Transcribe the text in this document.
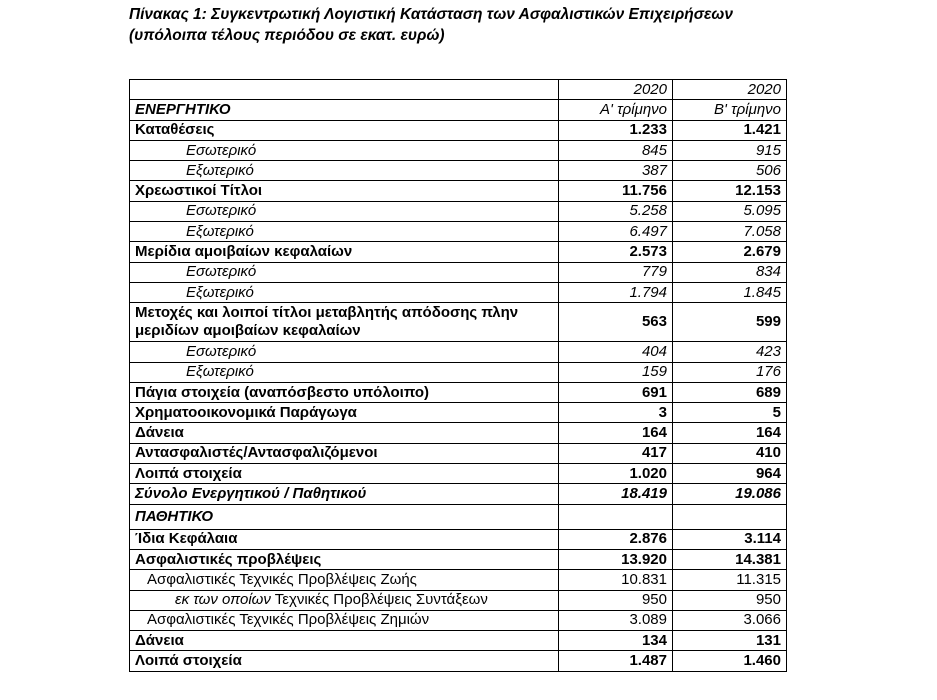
Πίνακας 1: Συγκεντρωτική Λογιστική Κατάσταση των Ασφαλιστικών Επιχειρήσεων
(υπόλοιπα τέλους περιόδου σε εκατ. ευρώ)
	2020	2020
ΕΝΕΡΓΗΤΙΚΟ	Α' τρίμηνο	Β' τρίμηνο
Καταθέσεις	1.233	1.421
Εσωτερικό	845	915
Εξωτερικό	387	506
Χρεωστικοί Τίτλοι	11.756	12.153
Εσωτερικό	5.258	5.095
Εξωτερικό	6.497	7.058
Μερίδια αμοιβαίων κεφαλαίων	2.573	2.679
Εσωτερικό	779	834
Εξωτερικό	1.794	1.845
Μετοχές και λοιποί τίτλοι μεταβλητής απόδοσης πλην μεριδίων αμοιβαίων κεφαλαίων	563	599
Εσωτερικό	404	423
Εξωτερικό	159	176
Πάγια στοιχεία (αναπόσβεστο υπόλοιπο)	691	689
Χρηματοοικονομικά Παράγωγα	3	5
Δάνεια	164	164
Αντασφαλιστές/Αντασφαλιζόμενοι	417	410
Λοιπά στοιχεία	1.020	964
Σύνολο Ενεργητικού / Παθητικού	18.419	19.086
ΠΑΘΗΤΙΚΟ		
Ίδια Κεφάλαια	2.876	3.114
Ασφαλιστικές προβλέψεις	13.920	14.381
Ασφαλιστικές Τεχνικές Προβλέψεις Ζωής	10.831	11.315
εκ των οποίων Τεχνικές Προβλέψεις Συντάξεων	950	950
Ασφαλιστικές Τεχνικές Προβλέψεις Ζημιών	3.089	3.066
Δάνεια	134	131
Λοιπά στοιχεία	1.487	1.460
